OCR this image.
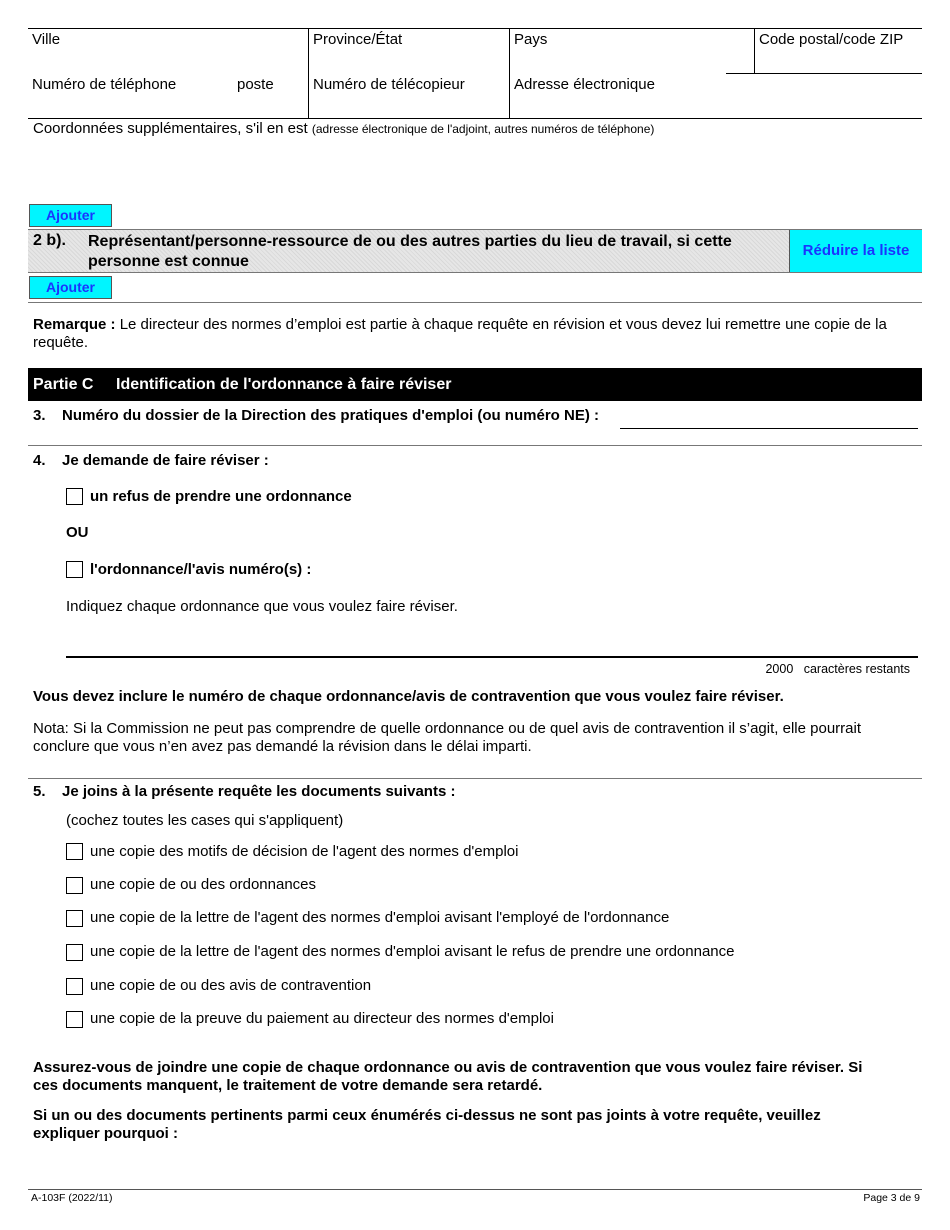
Ville	Province/État	Pays	Code postal/code ZIP
Numéro de téléphone	poste	Numéro de télécopieur	Adresse électronique
Coordonnées supplémentaires, s'il en est (adresse électronique de l'adjoint, autres numéros de téléphone)
Ajouter
2 b). Représentant/personne-ressource de ou des autres parties du lieu de travail, si cette
personne est connue
Réduire la liste
Ajouter
Remarque : Le directeur des normes d’emploi est partie à chaque requête en révision et vous devez lui remettre une copie de la
requête.
Partie C Identification de l'ordonnance à faire réviser
3. Numéro du dossier de la Direction des pratiques d'emploi (ou numéro NE) :
4. Je demande de faire réviser :
un refus de prendre une ordonnance
OU
l'ordonnance/l'avis numéro(s) :
Indiquez chaque ordonnance que vous voulez faire réviser.
2000 caractères restants
Vous devez inclure le numéro de chaque ordonnance/avis de contravention que vous voulez faire réviser.
Nota: Si la Commission ne peut pas comprendre de quelle ordonnance ou de quel avis de contravention il s’agit, elle pourrait
conclure que vous n’en avez pas demandé la révision dans le délai imparti.
5. Je joins à la présente requête les documents suivants :
(cochez toutes les cases qui s'appliquent)
une copie des motifs de décision de l'agent des normes d'emploi
une copie de ou des ordonnances
une copie de la lettre de l'agent des normes d'emploi avisant l'employé de l'ordonnance
une copie de la lettre de l'agent des normes d'emploi avisant le refus de prendre une ordonnance
une copie de ou des avis de contravention
une copie de la preuve du paiement au directeur des normes d'emploi
Assurez-vous de joindre une copie de chaque ordonnance ou avis de contravention que vous voulez faire réviser. Si
ces documents manquent, le traitement de votre demande sera retardé.
Si un ou des documents pertinents parmi ceux énumérés ci-dessus ne sont pas joints à votre requête, veuillez
expliquer pourquoi :
A-103F (2022/11)	Page 3 de 9
